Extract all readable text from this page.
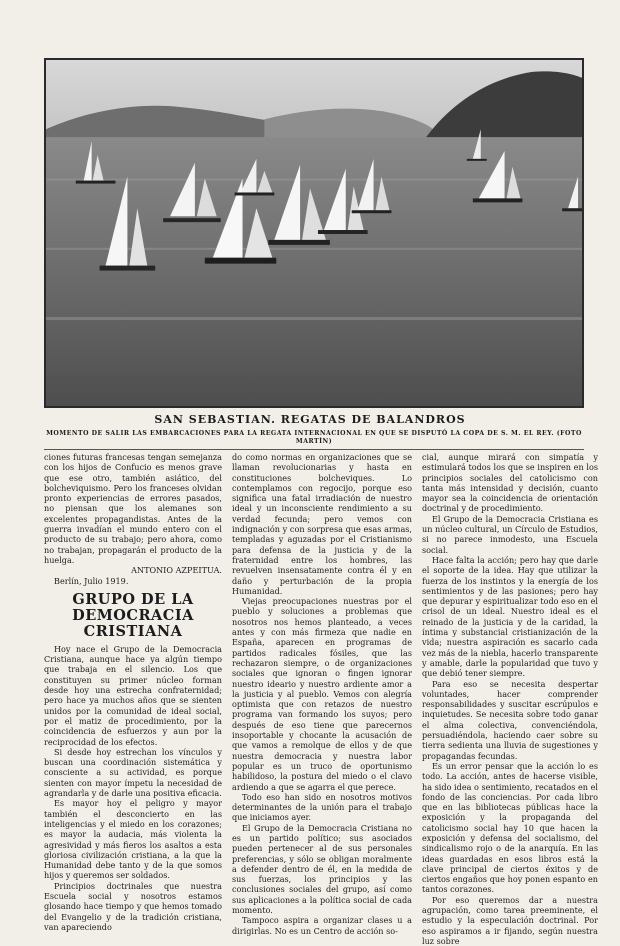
SAN SEBASTIAN. REGATAS DE BALANDROS
MOMENTO DE SALIR LAS EMBARCACIONES PARA LA REGATA INTERNACIONAL EN QUE SE DISPUTÓ LA COPA DE S. M. EL REY. (FOTO MARTÍN)

ciones futuras francesas tengan semejanza con los hijos de Confucio es menos grave que ese otro, también asiático, del bolcheviquismo. Pero los franceses olvidan pronto experiencias de errores pasados, no piensan que los alemanes son excelentes propagandistas. Antes de la guerra invadían el mundo entero con el producto de su trabajo; pero ahora, como no trabajan, propagarán el producto de la huelga.

ANTONIO AZPEITUA.

Berlín, Julio 1919.

GRUPO DE LA DEMOCRACIA CRISTIANA

Hoy nace el Grupo de la Democracia Cristiana, aunque hace ya algún tiempo que trabaja en el silencio. Los que constituyen su primer núcleo forman desde hoy una estrecha confraternidad; pero hace ya muchos años que se sienten unidos por la comunidad de ideal social, por el matiz de procedimiento, por la coincidencia de esfuerzos y aun por la reciprocidad de los efectos.

Si desde hoy estrechan los vínculos y buscan una coordinación sistemática y consciente a su actividad, es porque sienten con mayor ímpetu la necesidad de agrandarla y de darle una positiva eficacia.

Es mayor hoy el peligro y mayor también el desconcierto en las inteligencias y el miedo en los corazones; es mayor la audacia, más violenta la agresividad y más fieros los asaltos a esta gloriosa civilización cristiana, a la que la Humanidad debe tanto y de la que somos hijos y queremos ser soldados.

Principios doctrinales que nuestra Escuela social y nosotros estamos glosando hace tiempo y que hemos tomado del Evangelio y de la tradición cristiana, van apareciendo

do como normas en organizaciones que se llaman revolucionarias y hasta en constituciones bolcheviques. Lo contemplamos con regocijo, porque eso significa una fatal irradiación de nuestro ideal y un inconsciente rendimiento a su verdad fecunda; pero vemos con indignación y con sorpresa que esas armas, templadas y aguzadas por el Cristianismo para defensa de la justicia y de la fraternidad entre los hombres, las revuelven insensatamente contra él y en daño y perturbación de la propia Humanidad.

Viejas preocupaciones nuestras por el pueblo y soluciones a problemas que nosotros nos hemos planteado, a veces antes y con más firmeza que nadie en España, aparecen en programas de partidos radicales fósiles, que las rechazaron siempre, o de organizaciones sociales que ignoran o fingen ignorar nuestro ideario y nuestro ardiente amor a la justicia y al pueblo. Vemos con alegría optimista que con retazos de nuestro programa van formando los suyos; pero después de eso tiene que parecernos insoportable y chocante la acusación de que vamos a remolque de ellos y de que nuestra democracia y nuestra labor popular es un truco de oportunismo habilidoso, la postura del miedo o el clavo ardiendo a que se agarra el que perece.

Todo eso han sido en nosotros motivos determinantes de la unión para el trabajo que iniciamos ayer.

El Grupo de la Democracia Cristiana no es un partido político; sus asociados pueden pertenecer al de sus personales preferencias, y sólo se obligan moralmente a defender dentro de él, en la medida de sus fuerzas, los principios y las conclusiones sociales del grupo, así como sus aplicaciones a la política social de cada momento.

Tampoco aspira a organizar clases u a dirigirlas. No es un Centro de acción so-

cial, aunque mirará con simpatía y estimulará todos los que se inspiren en los principios sociales del catolicismo con tanta más intensidad y decisión, cuanto mayor sea la coincidencia de orientación doctrinal y de procedimiento.

El Grupo de la Democracia Cristiana es un núcleo cultural, un Círculo de Estudios, si no parece inmodesto, una Escuela social.

Hace falta la acción; pero hay que darle el soporte de la idea. Hay que utilizar la fuerza de los instintos y la energía de los sentimientos y de las pasiones; pero hay que depurar y espiritualizar todo eso en el crisol de un ideal. Nuestro ideal es el reinado de la justicia y de la caridad, la íntima y substancial cristianización de la vida; nuestra aspiración es sacarlo cada vez más de la niebla, hacerlo transparente y amable, darle la popularidad que tuvo y que debió tener siempre.

Para eso se necesita despertar voluntades, hacer comprender responsabilidades y suscitar escrúpulos e inquietudes. Se necesita sobre todo ganar el alma colectiva, convenciéndola, persuadiéndola, haciendo caer sobre su tierra sedienta una lluvia de sugestiones y propagandas fecundas.

Es un error pensar que la acción lo es todo. La acción, antes de hacerse visible, ha sido idea o sentimiento, recatados en el fondo de las conciencias. Por cada libro que en las bibliotecas públicas hace la exposición y la propaganda del catolicismo social hay 10 que hacen la exposición y defensa del socialismo, del sindicalismo rojo o de la anarquía. En las ideas guardadas en esos libros está la clave principal de ciertos éxitos y de ciertos engaños que hoy ponen espanto en tantos corazones.

Por eso queremos dar a nuestra agrupación, como tarea preeminente, el estudio y la especulación doctrinal. Por eso aspiramos a ir fijando, según nuestra luz sobre
